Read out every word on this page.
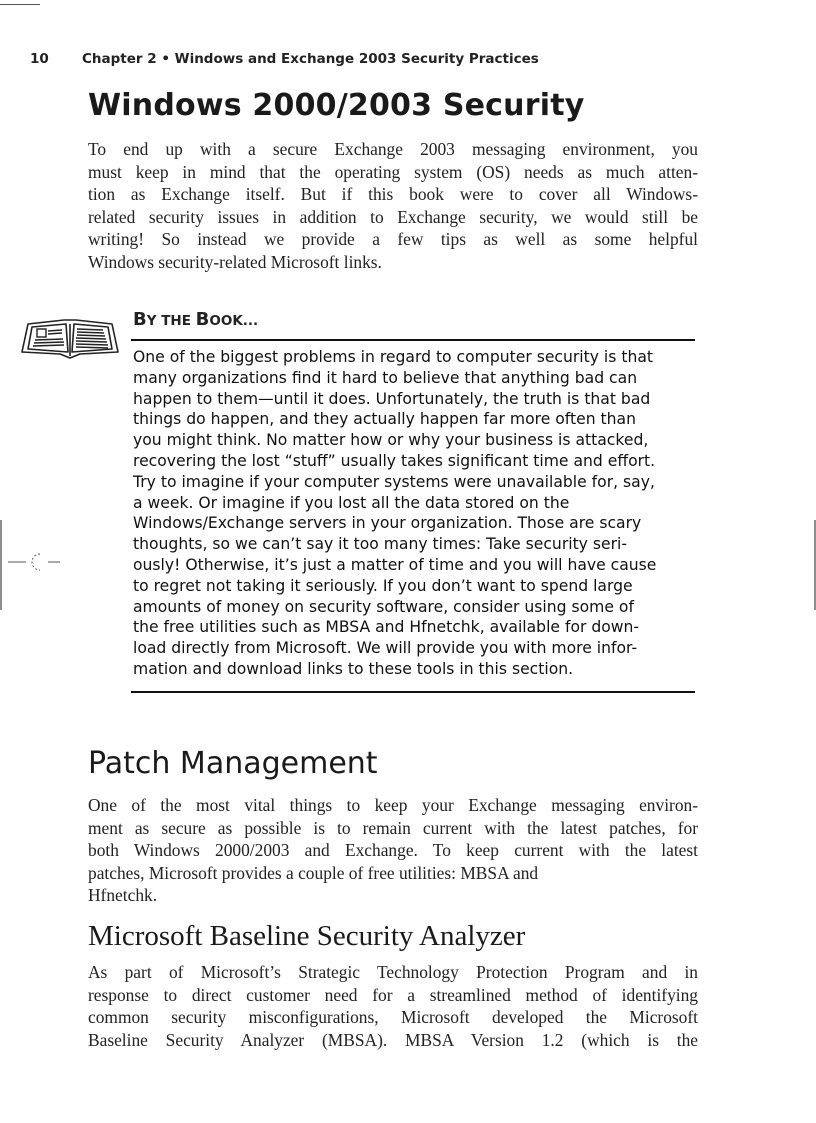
10 Chapter 2 • Windows and Exchange 2003 Security Practices
Windows 2000/2003 Security

To end up with a secure Exchange 2003 messaging environment, you
must keep in mind that the operating system (OS) needs as much atten-
tion as Exchange itself. But if this book were to cover all Windows-
related security issues in addition to Exchange security, we would still be
writing! So instead we provide a few tips as well as some helpful
Windows security-related Microsoft links.

BY THE BOOK...

One of the biggest problems in regard to computer security is that
many organizations find it hard to believe that anything bad can
happen to them—until it does. Unfortunately, the truth is that bad
things do happen, and they actually happen far more often than
you might think. No matter how or why your business is attacked,
recovering the lost “stuff” usually takes significant time and effort.
Try to imagine if your computer systems were unavailable for, say,
a week. Or imagine if you lost all the data stored on the
Windows/Exchange servers in your organization. Those are scary
thoughts, so we can’t say it too many times: Take security seri-
ously! Otherwise, it’s just a matter of time and you will have cause
to regret not taking it seriously. If you don’t want to spend large
amounts of money on security software, consider using some of
the free utilities such as MBSA and Hfnetchk, available for down-
load directly from Microsoft. We will provide you with more infor-
mation and download links to these tools in this section.

Patch Management

One of the most vital things to keep your Exchange messaging environ-
ment as secure as possible is to remain current with the latest patches, for
both Windows 2000/2003 and Exchange. To keep current with the latest
patches, Microsoft provides a couple of free utilities: MBSA and
Hfnetchk.

Microsoft Baseline Security Analyzer

As part of Microsoft’s Strategic Technology Protection Program and in
response to direct customer need for a streamlined method of identifying
common security misconfigurations, Microsoft developed the Microsoft
Baseline Security Analyzer (MBSA). MBSA Version 1.2 (which is the
